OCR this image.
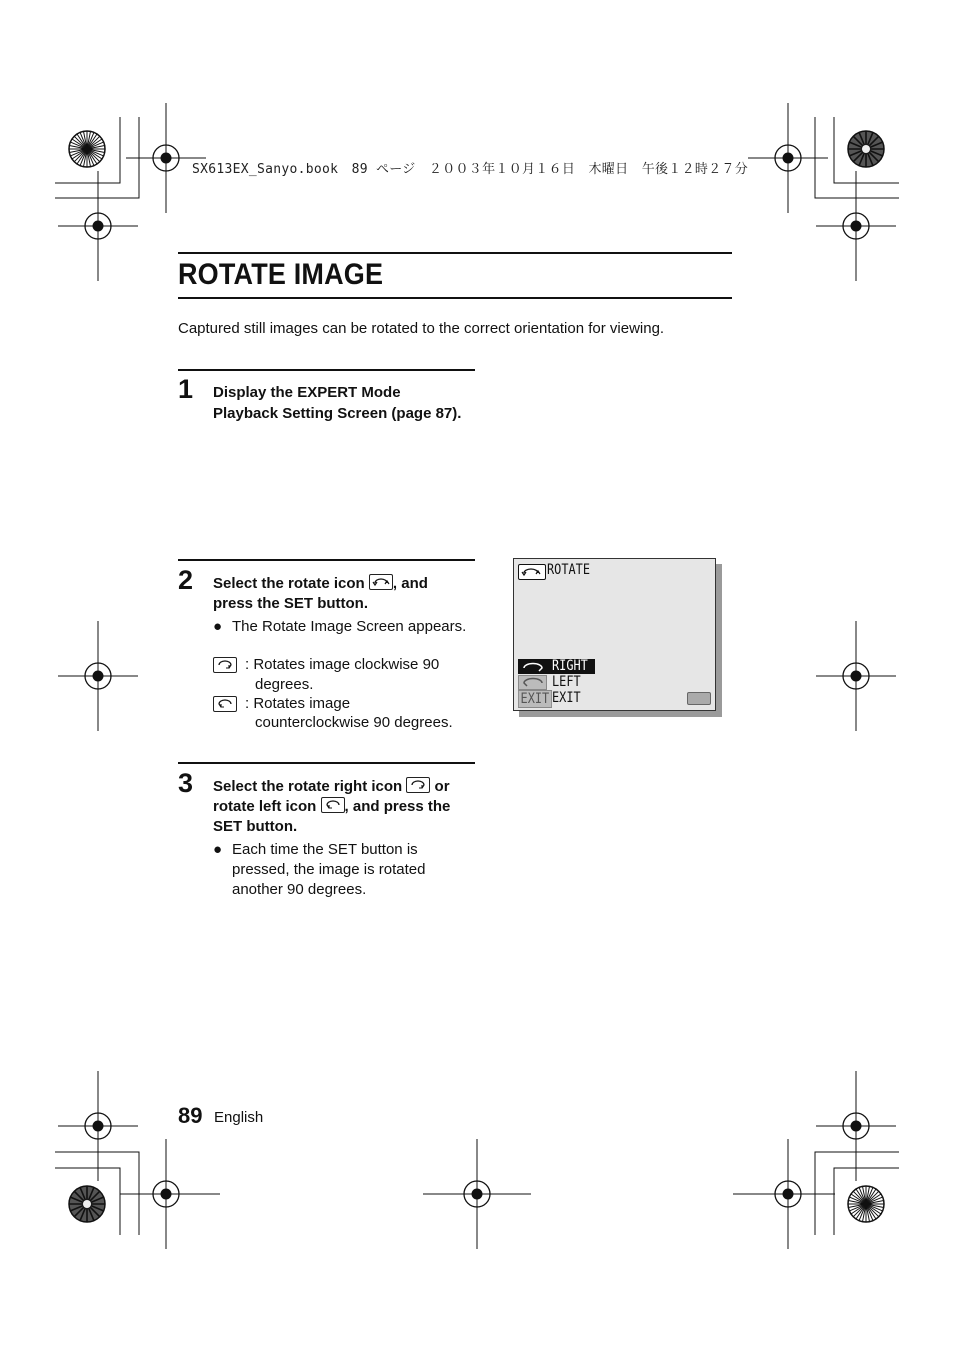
SX613EX_Sanyo.book　89 ページ　２００３年１０月１６日　木曜日　午後１２時２７分
ROTATE IMAGE
Captured still images can be rotated to the correct orientation for viewing.
1 Display the EXPERT Mode
Playback Setting Screen (page 87).
2 Select the rotate icon , and
press the SET button.
● The Rotate Image Screen appears.
: Rotates image clockwise 90
degrees.
: Rotates image
counterclockwise 90 degrees.
ROTATE
RIGHT
LEFT
EXIT EXIT
3 Select the rotate right icon or
rotate left icon , and press the
SET button.
● Each time the SET button is
pressed, the image is rotated
another 90 degrees.
89 English
